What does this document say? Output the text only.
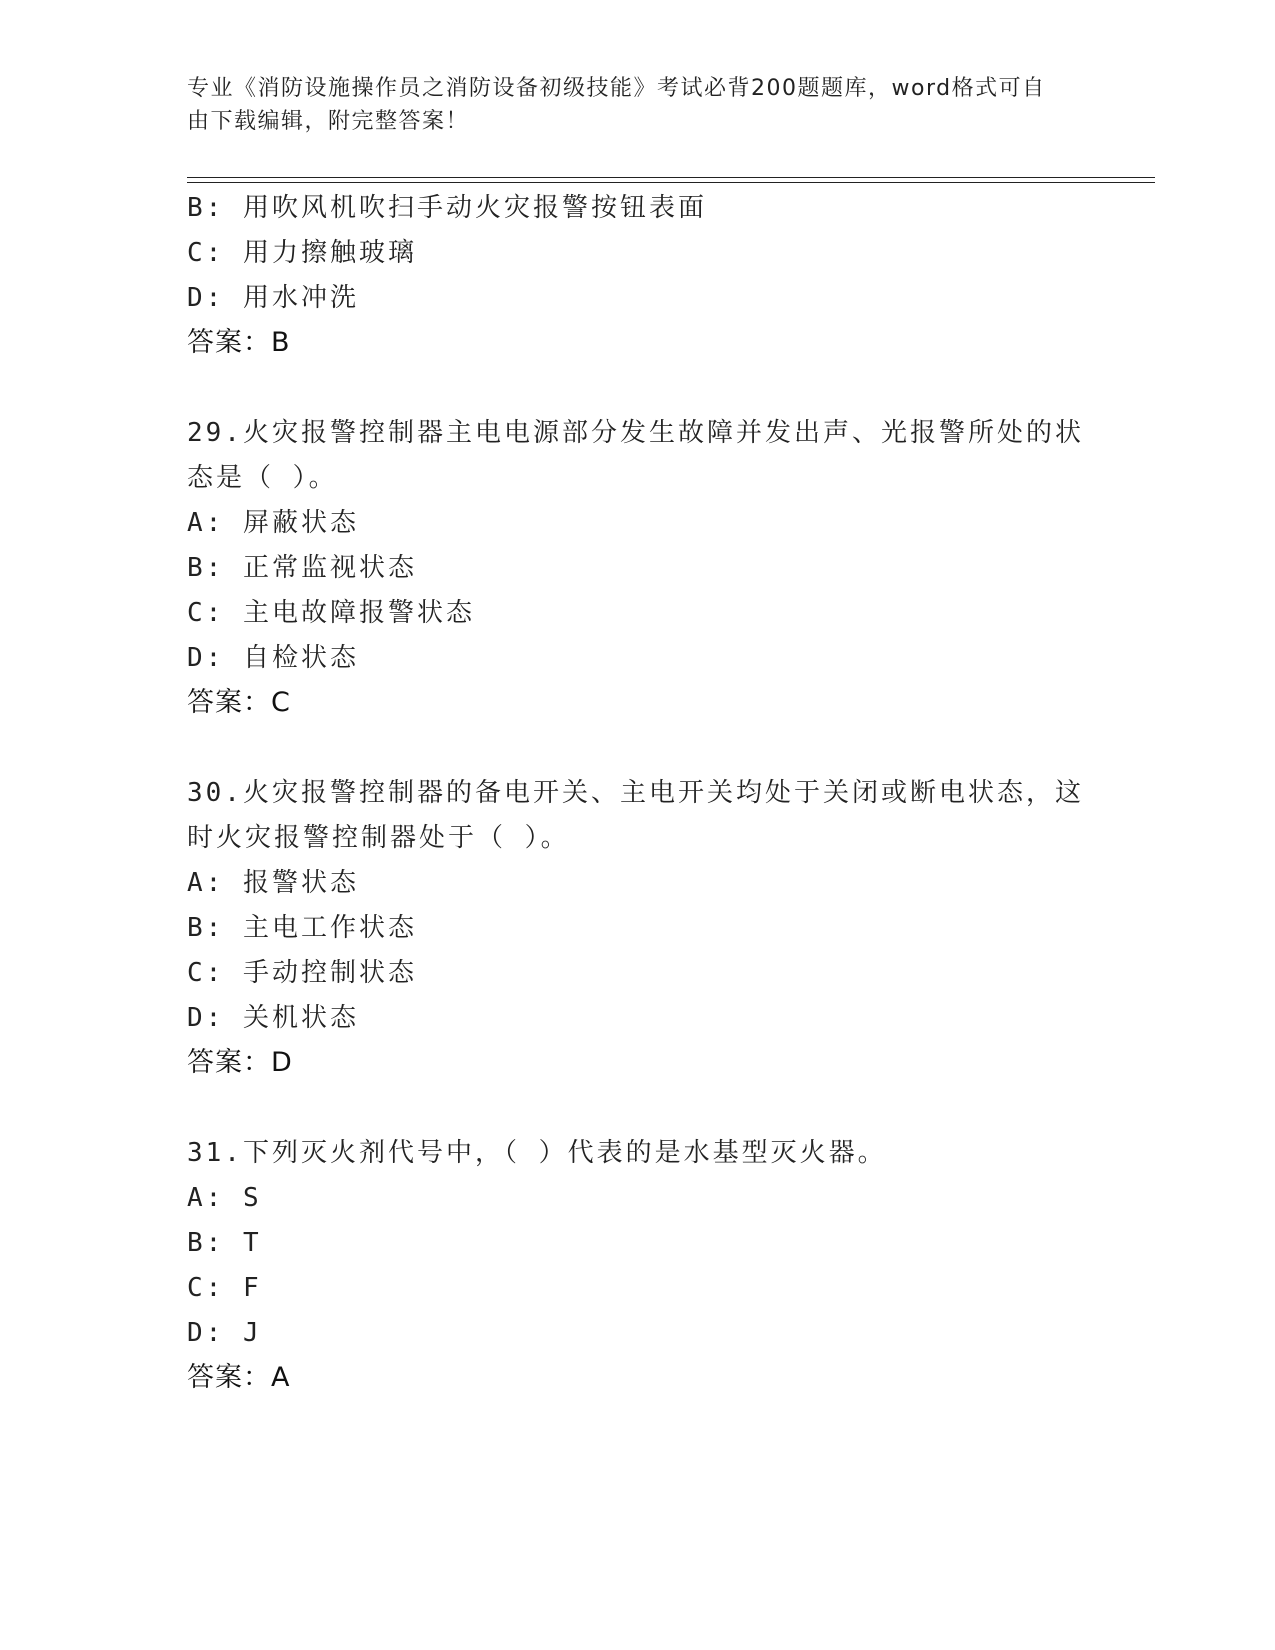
专业《消防设施操作员之消防设备初级技能》考试必背200题题库，word格式可自由下载编辑，附完整答案！
B: 用吹风机吹扫手动火灾报警按钮表面
C: 用力擦触玻璃
D: 用水冲洗
答案：B
29.火灾报警控制器主电电源部分发生故障并发出声、光报警所处的状
态是（ ）。
A: 屏蔽状态
B: 正常监视状态
C: 主电故障报警状态
D: 自检状态
答案：C
30.火灾报警控制器的备电开关、主电开关均处于关闭或断电状态，这
时火灾报警控制器处于（ ）。
A: 报警状态
B: 主电工作状态
C: 手动控制状态
D: 关机状态
答案：D
31.下列灭火剂代号中，（ ）代表的是水基型灭火器。
A: S
B: T
C: F
D: J
答案：A
